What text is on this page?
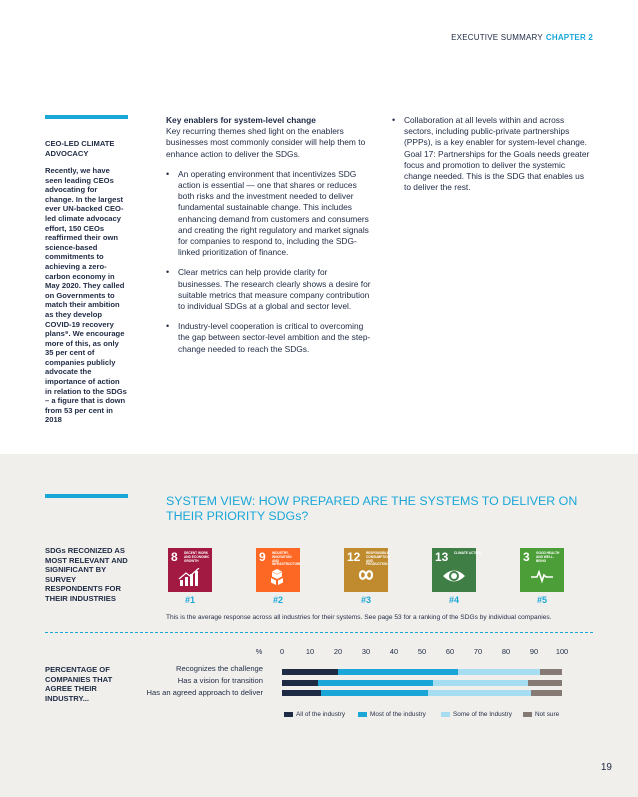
EXECUTIVE SUMMARY CHAPTER 2
CEO-LED CLIMATE ADVOCACY
Recently, we have seen leading CEOs advocating for change. In the largest ever UN-backed CEO-led climate advocacy effort, 150 CEOs reaffirmed their own science-based commitments to achieving a zero-carbon economy in May 2020. They called on Governments to match their ambition as they develop COVID-19 recovery plans⁹. We encourage more of this, as only 35 per cent of companies publicly advocate the importance of action in relation to the SDGs – a figure that is down from 53 per cent in 2018
Key enablers for system-level change

Key recurring themes shed light on the enablers businesses most commonly consider will help them to enhance action to deliver the SDGs.

• An operating environment that incentivizes SDG action is essential — one that shares or reduces both risks and the investment needed to deliver fundamental sustainable change. This includes enhancing demand from customers and consumers and creating the right regulatory and market signals for companies to respond to, including the SDG-linked prioritization of finance.
• Clear metrics can help provide clarity for businesses. The research clearly shows a desire for suitable metrics that measure company contribution to individual SDGs at a global and sector level.
• Industry-level cooperation is critical to overcoming the gap between sector-level ambition and the step-change needed to reach the SDGs.
• Collaboration at all levels within and across sectors, including public-private partnerships (PPPs), is a key enabler for system-level change. Goal 17: Partnerships for the Goals needs greater focus and promotion to deliver the systemic change needed. This is the SDG that enables us to deliver the rest.
SYSTEM VIEW: HOW PREPARED ARE THE SYSTEMS TO DELIVER ON THEIR PRIORITY SDGs?
SDGs RECONIZED AS MOST RELEVANT AND SIGNIFICANT BY SURVEY RESPONDENTS FOR THEIR INDUSTRIES
8 DECENT WORK AND ECONOMIC GROWTH
#1
9 INDUSTRY, INNOVATION AND INFRASTRUCTURE
#2
12 RESPONSIBLE CONSUMPTION AND PRODUCTION
#3
13 CLIMATE ACTION
#4
3 GOOD HEALTH AND WELL-BEING
#5
This is the average response across all industries for their systems. See page 53 for a ranking of the SDGs by individual companies.
PERCENTAGE OF COMPANIES THAT AGREE THEIR INDUSTRY...
%	0	10	20	30	40	50	60	70	80	90	100
Recognizes the challenge
Has a vision for transition
Has an agreed approach to deliver
All of the industry	Most of the industry	Some of the Industry	Not sure
19
